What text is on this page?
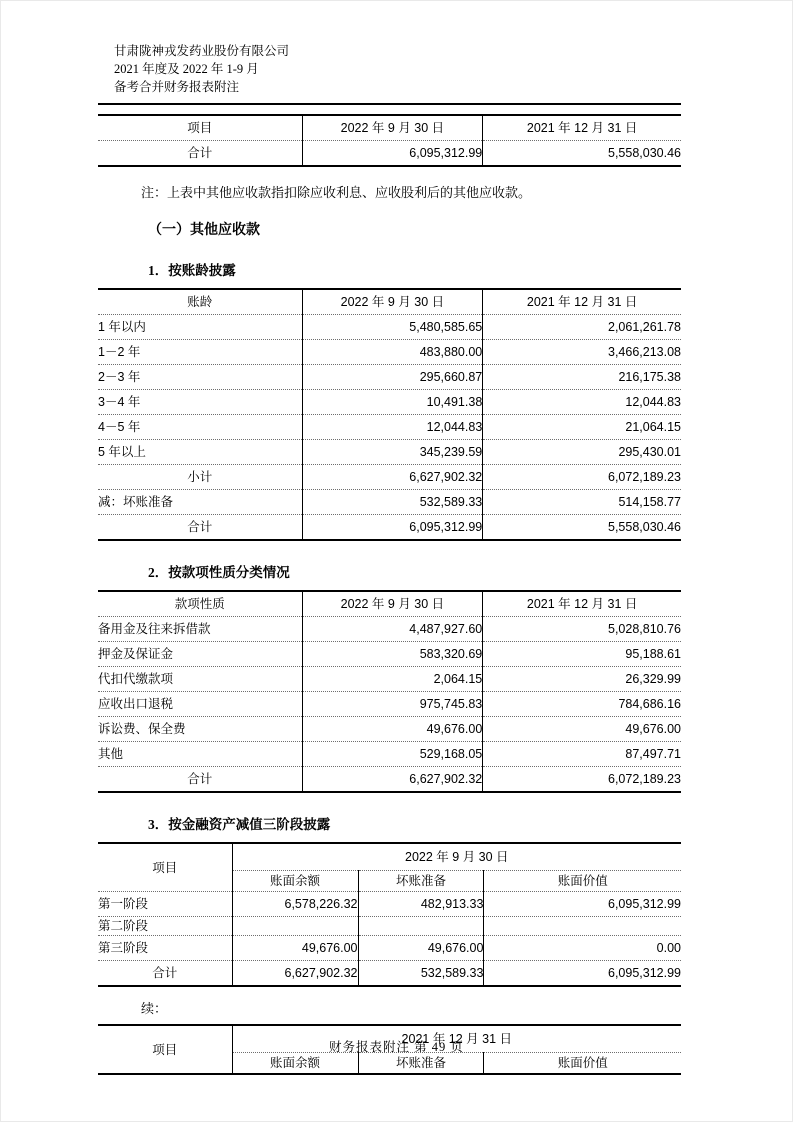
甘肃陇神戎发药业股份有限公司
2021 年度及 2022 年 1-9 月
备考合并财务报表附注
项目	2022 年 9 月 30 日	2021 年 12 月 31 日
合计	6,095,312.99	5,558,030.46

注：上表中其他应收款指扣除应收利息、应收股利后的其他应收款。

（一）其他应收款
1．按账龄披露
账龄	2022 年 9 月 30 日	2021 年 12 月 31 日
1 年以内	5,480,585.65	2,061,261.78
1－2 年	483,880.00	3,466,213.08
2－3 年	295,660.87	216,175.38
3－4 年	10,491.38	12,044.83
4－5 年	12,044.83	21,064.15
5 年以上	345,239.59	295,430.01
小计	6,627,902.32	6,072,189.23
减：坏账准备	532,589.33	514,158.77
合计	6,095,312.99	5,558,030.46
2．按款项性质分类情况
款项性质	2022 年 9 月 30 日	2021 年 12 月 31 日
备用金及往来拆借款	4,487,927.60	5,028,810.76
押金及保证金	583,320.69	95,188.61
代扣代缴款项	2,064.15	26,329.99
应收出口退税	975,745.83	784,686.16
诉讼费、保全费	49,676.00	49,676.00
其他	529,168.05	87,497.71
合计	6,627,902.32	6,072,189.23
3．按金融资产减值三阶段披露
项目	2022 年 9 月 30 日		
	账面余额	坏账准备	账面价值
第一阶段	6,578,226.32	482,913.33	6,095,312.99
第二阶段			
第三阶段	49,676.00	49,676.00	0.00
合计	6,627,902.32	532,589.33	6,095,312.99
续：
项目	2021 年 12 月 31 日		
	账面余额	坏账准备	账面价值
财务报表附注 第 49 页
